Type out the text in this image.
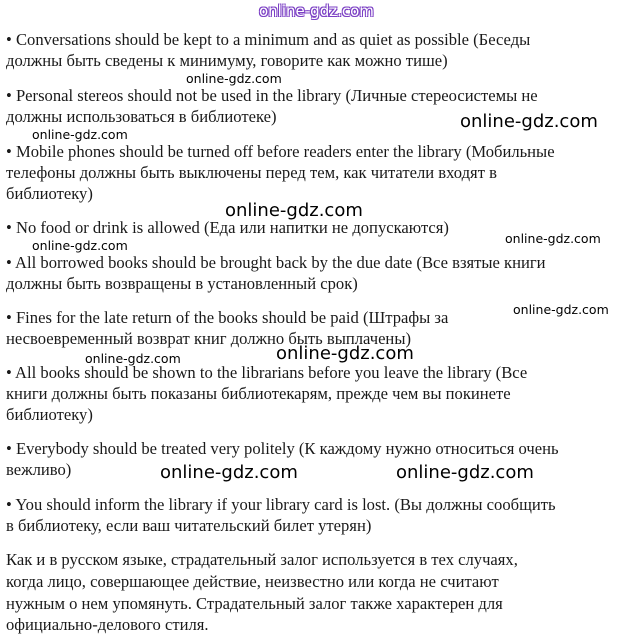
online-gdz.com
• Conversations should be kept to a minimum and as quiet as possible (Беседы
должны быть сведены к минимуму, говорите как можно тише)
• Personal stereos should not be used in the library (Личные стереосистемы не
должны использоваться в библиотеке)
• Mobile phones should be turned off before readers enter the library (Мобильные
телефоны должны быть выключены перед тем, как читатели входят в
библиотеку)
• No food or drink is allowed (Еда или напитки не допускаются)
• All borrowed books should be brought back by the due date (Все взятые книги
должны быть возвращены в установленный срок)
• Fines for the late return of the books should be paid (Штрафы за
несвоевременный возврат книг должно быть выплачены)
• All books should be shown to the librarians before you leave the library (Все
книги должны быть показаны библиотекарям, прежде чем вы покинете
библиотеку)
• Everybody should be treated very politely (К каждому нужно относиться очень
вежливо)
• You should inform the library if your library card is lost. (Вы должны сообщить
в библиотеку, если ваш читательский билет утерян)
Как и в русском языке, страдательный залог используется в тех случаях,
когда лицо, совершающее действие, неизвестно или когда не считают
нужным о нем упомянуть. Страдательный залог также характерен для
официально-делового стиля.
online-gdz.com
online-gdz.com
online-gdz.com
online-gdz.com
online-gdz.com	online-gdz.com
online-gdz.com
online-gdz.com
online-gdz.com
online-gdz.com	online-gdz.com
